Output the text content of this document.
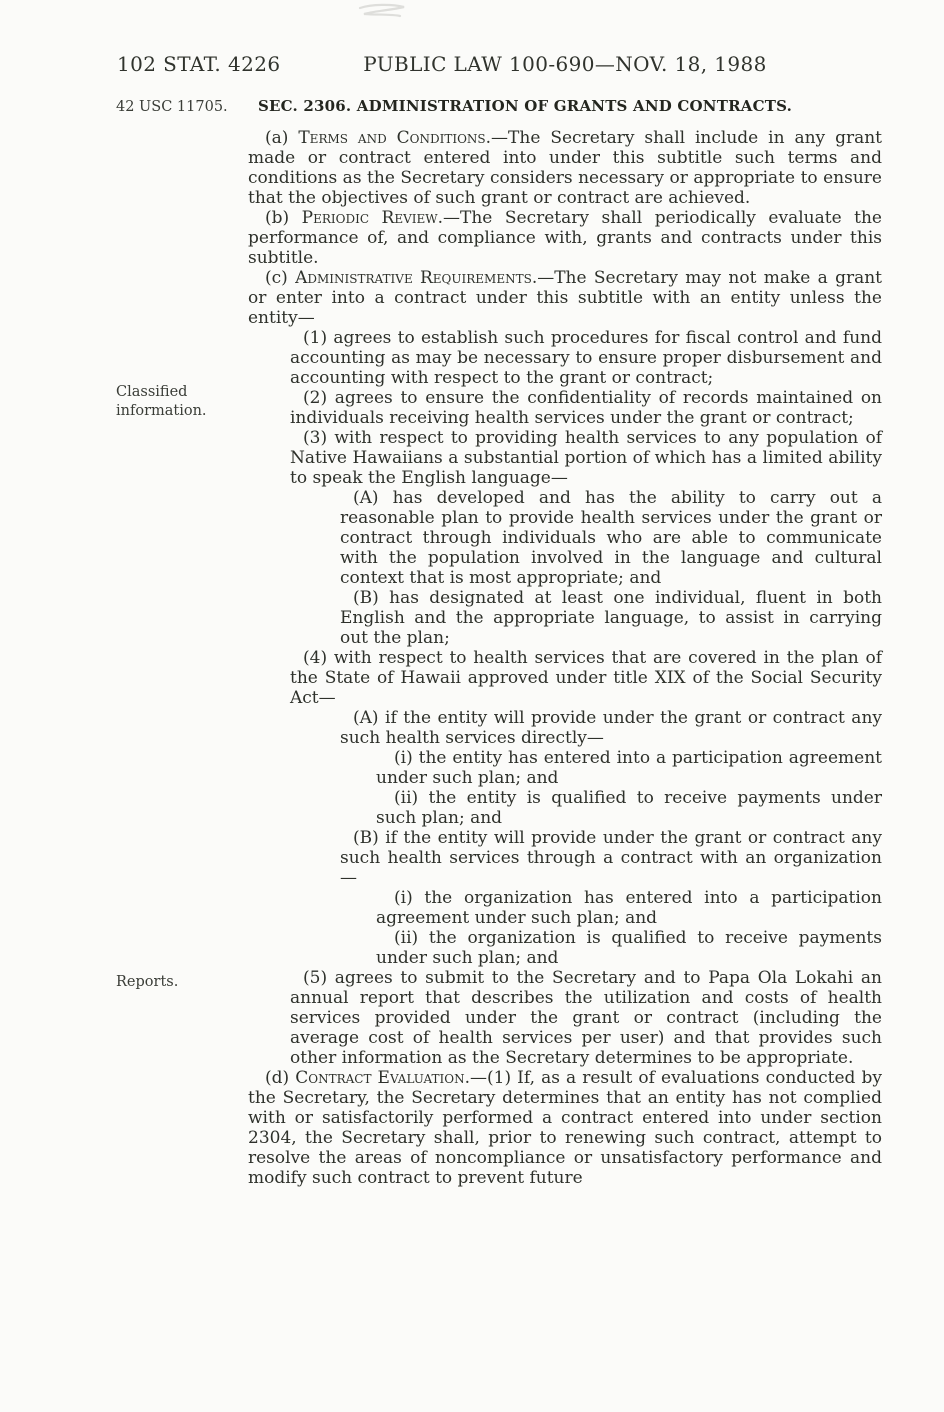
102 STAT. 4226	PUBLIC LAW 100-690—NOV. 18, 1988
42 USC 11705.
Classified information.
Reports.
SEC. 2306. ADMINISTRATION OF GRANTS AND CONTRACTS.

(a) Terms and Conditions.—The Secretary shall include in any grant made or contract entered into under this subtitle such terms and conditions as the Secretary considers necessary or appropriate to ensure that the objectives of such grant or contract are achieved.

(b) Periodic Review.—The Secretary shall periodically evaluate the performance of, and compliance with, grants and contracts under this subtitle.

(c) Administrative Requirements.—The Secretary may not make a grant or enter into a contract under this subtitle with an entity unless the entity—

(1) agrees to establish such procedures for fiscal control and fund accounting as may be necessary to ensure proper disbursement and accounting with respect to the grant or contract;

(2) agrees to ensure the confidentiality of records maintained on individuals receiving health services under the grant or contract;

(3) with respect to providing health services to any population of Native Hawaiians a substantial portion of which has a limited ability to speak the English language—

(A) has developed and has the ability to carry out a reasonable plan to provide health services under the grant or contract through individuals who are able to communicate with the population involved in the language and cultural context that is most appropriate; and

(B) has designated at least one individual, fluent in both English and the appropriate language, to assist in carrying out the plan;

(4) with respect to health services that are covered in the plan of the State of Hawaii approved under title XIX of the Social Security Act—

(A) if the entity will provide under the grant or contract any such health services directly—

(i) the entity has entered into a participation agreement under such plan; and

(ii) the entity is qualified to receive payments under such plan; and

(B) if the entity will provide under the grant or contract any such health services through a contract with an organization—

(i) the organization has entered into a participation agreement under such plan; and

(ii) the organization is qualified to receive payments under such plan; and

(5) agrees to submit to the Secretary and to Papa Ola Lokahi an annual report that describes the utilization and costs of health services provided under the grant or contract (including the average cost of health services per user) and that provides such other information as the Secretary determines to be appropriate.

(d) Contract Evaluation.—(1) If, as a result of evaluations conducted by the Secretary, the Secretary determines that an entity has not complied with or satisfactorily performed a contract entered into under section 2304, the Secretary shall, prior to renewing such contract, attempt to resolve the areas of noncompliance or unsatisfactory performance and modify such contract to prevent future
